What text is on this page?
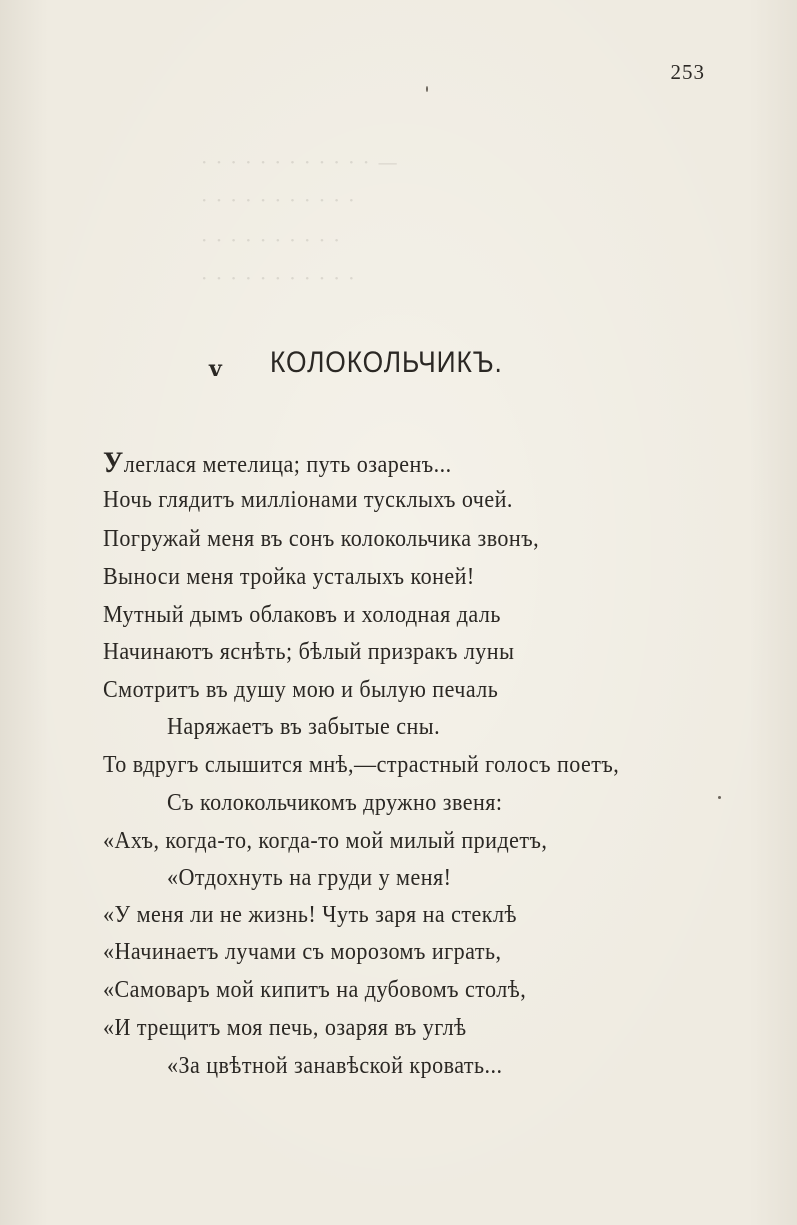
— · · · · · · · · · · · ·
· · · · · · · · · · ·
· · · · · · · · · ·
· · · · · · · · · · ·
253
v КОЛОКОЛЬЧИКЪ.
Улеглася метелица; путь озаренъ...
Ночь глядитъ миллiонами тусклыхъ очей.
Погружай меня въ сонъ колокольчика звонъ,
Выноси меня тройка усталыхъ коней!
Мутный дымъ облаковъ и холодная даль
Начинаютъ яснѣть; бѣлый призракъ луны
Смотритъ въ душу мою и былую печаль
Наряжаетъ въ забытые сны.
То вдругъ слышится мнѣ,—страстный голосъ поетъ,
Съ колокольчикомъ дружно звеня:
«Ахъ, когда-то, когда-то мой милый придетъ,
«Отдохнуть на груди у меня!
«У меня ли не жизнь! Чуть заря на стеклѣ
«Начинаетъ лучами съ морозомъ играть,
«Самоваръ мой кипитъ на дубовомъ столѣ,
«И трещитъ моя печь, озаряя въ углѣ
«За цвѣтной занавѣской кровать...
